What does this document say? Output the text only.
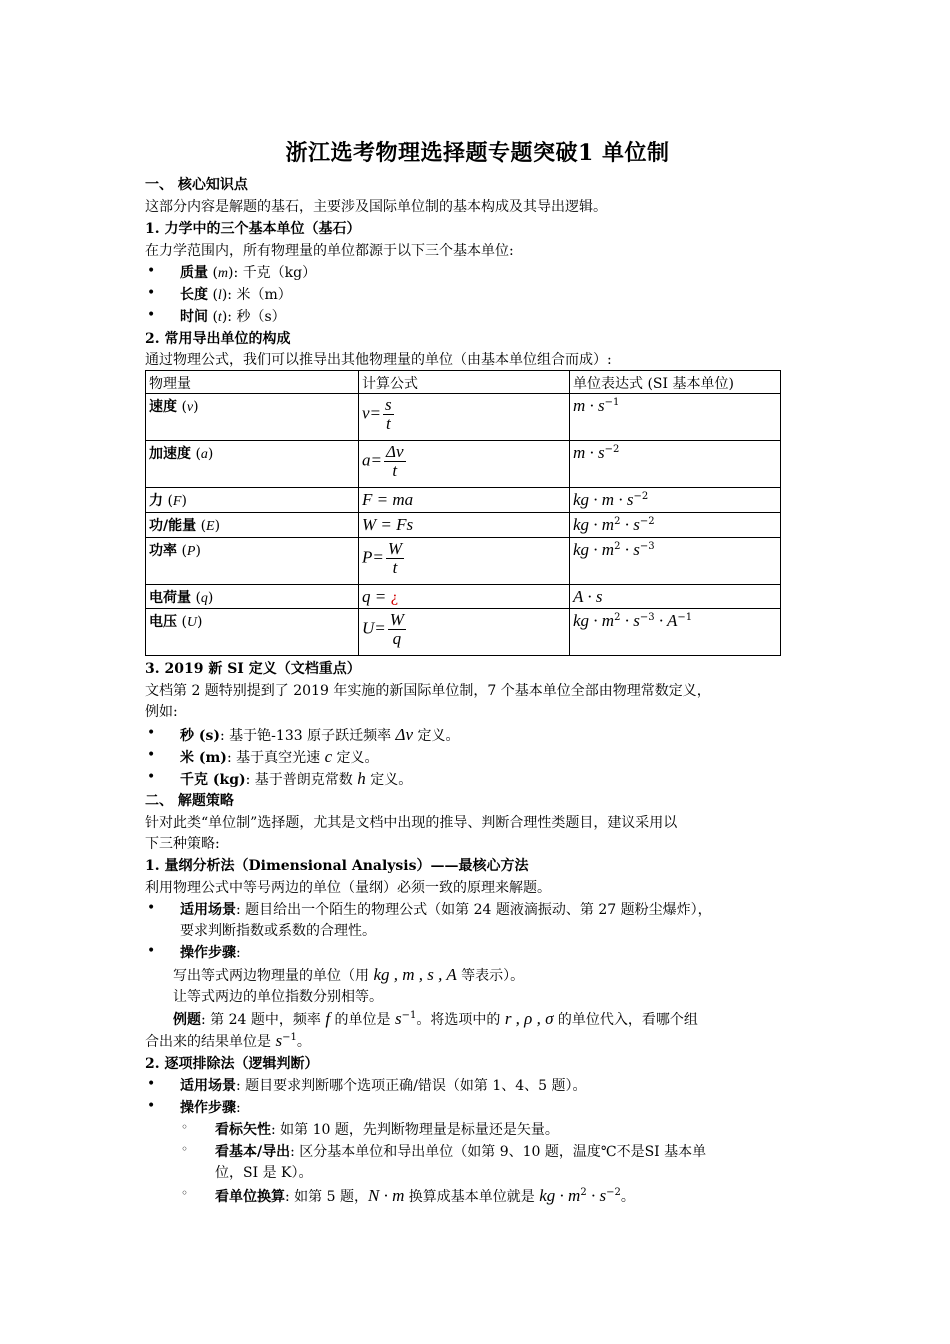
浙江选考物理选择题专题突破1 单位制
一、 核心知识点
这部分内容是解题的基石，主要涉及国际单位制的基本构成及其导出逻辑。
1. 力学中的三个基本单位（基石）
在力学范围内，所有物理量的单位都源于以下三个基本单位:
• 质量 (m): 千克（kg）
• 长度 (l): 米（m）
• 时间 (t): 秒（s）
2. 常用导出单位的构成
通过物理公式，我们可以推导出其他物理量的单位（由基本单位组合而成）:
物理量	计算公式	单位表达式 (SI 基本单位)
速度 (v)	$v= \frac{s}{t}$	$m \cdot s^{-1}$
加速度 (a)	$a= \frac{\Delta v}{t}$	$m \cdot s^{-2}$
力 (F)	F = ma	kg · $m \cdot s^{-2}$
功/能量 (E)	W = Fs	kg · $m^2 \cdot s^{-2}$
功率 (P)	$P= \frac{W}{t}$	kg · $m^2 \cdot s^{-3}$
电荷量 (q)	q = ¿	A · s
电压 (U)	$U= \frac{W}{q}$	kg · $m^2 \cdot s^{-3} \cdot A^{-1}$
3. 2019 新 SI 定义（文档重点）
文档第 2 题特别提到了 2019 年实施的新国际单位制，7 个基本单位全部由物理常数定义，
例如:
• 秒 (s): 基于铯-133 原子跃迁频率 Δν 定义。
• 米 (m): 基于真空光速 c 定义。
• 千克 (kg): 基于普朗克常数 h 定义。
二、 解题策略
针对此类“单位制”选择题，尤其是文档中出现的推导、判断合理性类题目，建议采用以
下三种策略:
1. 量纲分析法（Dimensional Analysis）——最核心方法
利用物理公式中等号两边的单位（量纲）必须一致的原理来解题。
• 适用场景: 题目给出一个陌生的物理公式（如第 24 题液滴振动、第 27 题粉尘爆炸），
要求判断指数或系数的合理性。
• 操作步骤:
写出等式两边物理量的单位（用 kg , m , s , A 等表示）。
让等式两边的单位指数分别相等。
例题: 第 24 题中，频率 f 的单位是 $s^{-1}$。将选项中的 r , ρ , σ 的单位代入，看哪个组
合出来的结果单位是 $s^{-1}$。
2. 逐项排除法（逻辑判断）
• 适用场景: 题目要求判断哪个选项正确/错误（如第 1、4、5 题）。
• 操作步骤:
◦ 看标矢性: 如第 10 题，先判断物理量是标量还是矢量。
◦ 看基本/导出: 区分基本单位和导出单位（如第 9、10 题，温度℃不是SI 基本单
位，SI 是 K）。
◦ 看单位换算: 如第 5 题，N · m 换算成基本单位就是 kg · $m^2 \cdot s^{-2}$。
